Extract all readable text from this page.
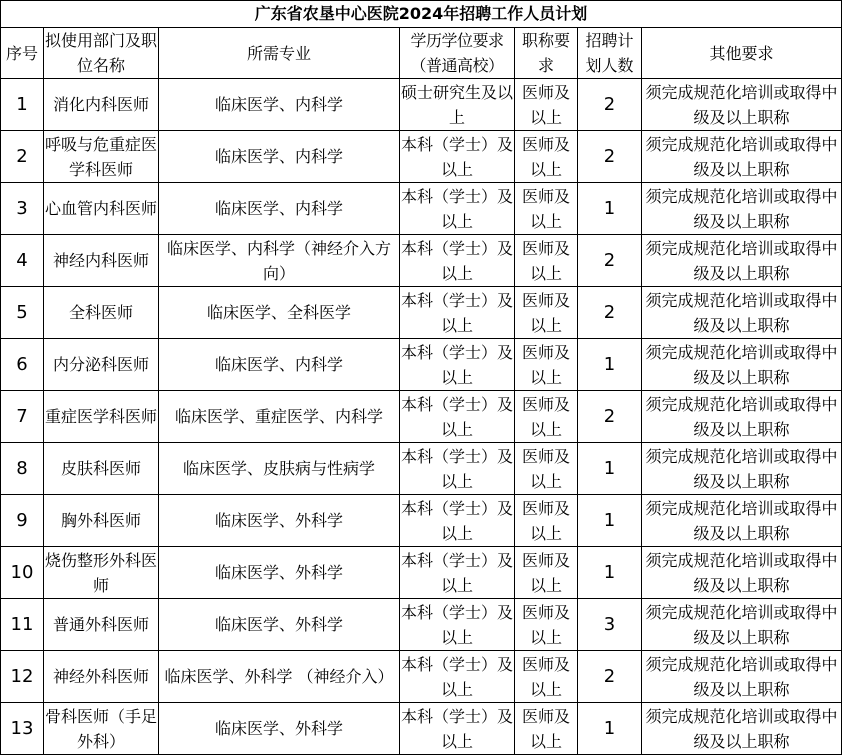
广东省农垦中心医院2024年招聘工作人员计划						
序号	拟使用部门及职位名称	所需专业	学历学位要求（普通高校）	职称要求	招聘计划人数	其他要求

1	消化内科医师	临床医学、内科学	硕士研究生及以上	医师及以上	2	须完成规范化培训或取得中级及以上职称

2	呼吸与危重症医学科医师	临床医学、内科学	本科（学士）及以上	医师及以上	2	须完成规范化培训或取得中级及以上职称

3	心血管内科医师	临床医学、内科学	本科（学士）及以上	医师及以上	1	须完成规范化培训或取得中级及以上职称

4	神经内科医师	临床医学、内科学（神经介入方向）	本科（学士）及以上	医师及以上	2	须完成规范化培训或取得中级及以上职称

5	全科医师	临床医学、全科医学	本科（学士）及以上	医师及以上	2	须完成规范化培训或取得中级及以上职称

6	内分泌科医师	临床医学、内科学	本科（学士）及以上	医师及以上	1	须完成规范化培训或取得中级及以上职称

7	重症医学科医师	临床医学、重症医学、内科学	本科（学士）及以上	医师及以上	2	须完成规范化培训或取得中级及以上职称

8	皮肤科医师	临床医学、皮肤病与性病学	本科（学士）及以上	医师及以上	1	须完成规范化培训或取得中级及以上职称

9	胸外科医师	临床医学、外科学	本科（学士）及以上	医师及以上	1	须完成规范化培训或取得中级及以上职称

10	烧伤整形外科医师	临床医学、外科学	本科（学士）及以上	医师及以上	1	须完成规范化培训或取得中级及以上职称

11	普通外科医师	临床医学、外科学	本科（学士）及以上	医师及以上	3	须完成规范化培训或取得中级及以上职称

12	神经外科医师	临床医学、外科学 （神经介入）	本科（学士）及以上	医师及以上	2	须完成规范化培训或取得中级及以上职称

13	骨科医师（手足外科）	临床医学、外科学	本科（学士）及以上	医师及以上	1	须完成规范化培训或取得中级及以上职称
